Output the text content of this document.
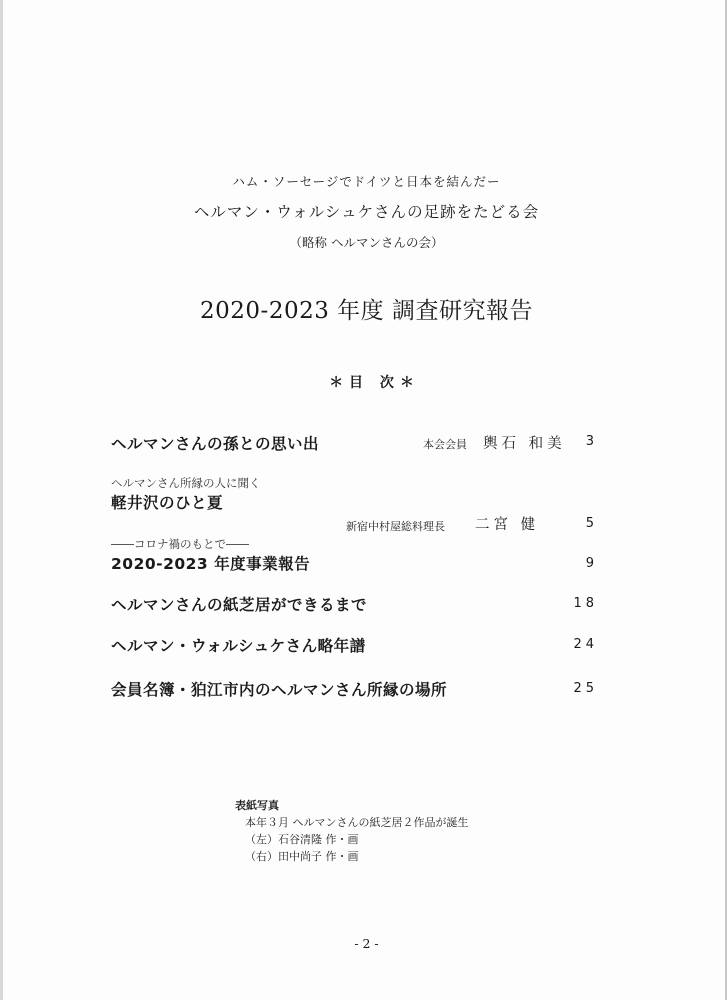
ハム・ソーセージでドイツと日本を結んだー
ヘルマン・ウォルシュケさんの足跡をたどる会
（略称 ヘルマンさんの会）
2020-2023 年度 調査研究報告
＊目 次＊
ヘルマンさんの孫との思い出	本会会員 輿石 和美 3
ヘルマンさん所縁の人に聞く
軽井沢のひと夏
新宿中村屋総料理長 二宮 健	5
――コロナ禍のもとで――
2020-2023 年度事業報告	9
ヘルマンさんの紙芝居ができるまで	18
ヘルマン・ウォルシュケさん略年譜	24
会員名簿・狛江市内のヘルマンさん所縁の場所	25
表紙写真
本年３月 ヘルマンさんの紙芝居２作品が誕生
（左）石谷清隆 作・画
（右）田中尚子 作・画
- 2 -
